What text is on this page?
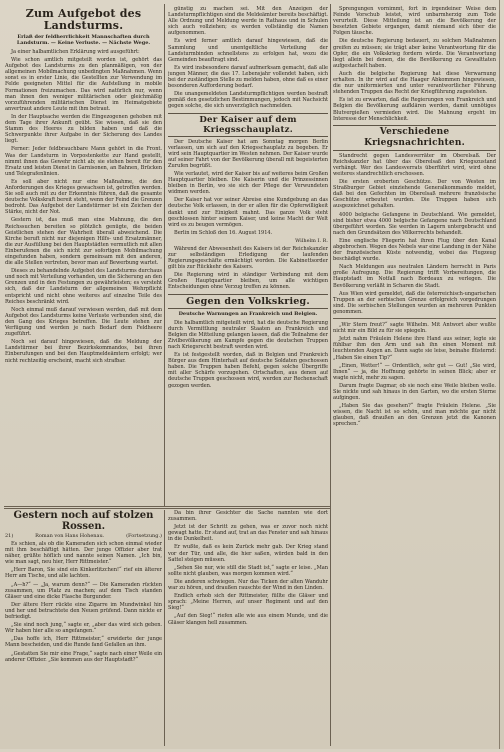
Zum Aufgebot des Landsturms.
Erlaß der feldherrlichkeit Mannschaften durch Landsturm. — Keine Verluste. — Nächste Wege.

Ja einer halbamtlichen Erklärung wird ausgeführt:

Wie schon amtlich mitgeteilt worden ist, gehört das Aufgebot des Landsturms zu den planmäßigen, von der allgemeinen Mobilmachung unbedingten Maßnahmen. Wenn sonst es in erster Linie, die Gestellten zur Verwendung im Felde geeigneten Mittel für die Aufstellung in mobile Formationen freizumachen. Das wird natürlich nur, wenn man ihnen den weniger militärischen oder gleichmäßig vorzuführenden militärischen Dienst im Heimatgebiete anvertraut andere Leute mit ihm betraut.

In der Hauptsache werden die Eingezogenen gehoben mit dem Tage ihrer Ankunft geübt. Sie wissen, daß sie den Stamm des Heeres zu bilden haben und daß die Schwerpunkte ihrer Aufgabe in der Sicherung des Landes liegt.

Ferner: Jeder feldbrauchbare Mann gehört in die Front. Was der Landsturm in Vorpostenkette zur Hand gestellt, nimmt ihnen das Gewehr nicht ab; sie stehen bereit für den Ersatz und leisten Dienst in Garnisonen, an Bahnen, Brücken und Telegrafenlinien.

Es soll aber nicht nur eine Maßnahme, die den Anforderungen des Krieges gewachsen ist, getroffen werden. Sie soll auch mit zu der Erkenntnis führen, daß die gesamte deutsche Volkskraft bereit steht, wenn der Feind die Grenzen bedroht. Das Aufgebot der Landstürmer ist ein Zeichen der Stärke, nicht der Not.

Gestern ist, das muß man eine Mahnung, die den Reichssuchen bereiten so plötzlich genügte, die beiden Geistlichen stehen der Wahrheit überall abweichend. Die Kirche beruft nicht nur diejenigen Hilfs- und Ersatzmänner, die zur Ausfüllung bei den Hauptstädten vermutlich mit allen Einberufenen die sich nicht zur sofortigen Mobilmachung eingefunden haben, sondern gemeinsam mit den anderen, die alle Stellen vertreten, bevor man auf Bewerbung wartet.

Dieses zu behandelnde Aufgebot des Landsturms durchaus und noch mit Verteilung vorhanden, um die Sicherung an den Grenzen und in den Festungen zu gewährleisten; es versteht sich, daß der Landsturm der allgemeinen Wehrpflicht entspricht und nicht ohne weiteres auf einzelne Teile des Reiches beschränkt wird.

Noch einmal muß darauf verwiesen werden, daß mit dem Aufgebot des Landsturms keine Verluste verbunden sind, die den Gang des Krieges betreffen. Die Leute stehen zur Verfügung und werden je nach Bedarf dem Feldheere zugeführt.

Noch sei darauf hingewiesen, daß die Meldung der Landstürmer bei ihrer Bezirkskommandos, bei ihren Einberufungen und bei den Hauptmeldeämtern erfolgt; wer nicht rechtzeitig erscheint, macht sich strafbar.

günstig zu machen sei. Mit den Anzeigen der Landsturmpflichtigen sind die Meldeämter bereits beschäftigt. Alle Ordnung und Meldung werde in Rathaus und in Schulen sich auch vollziehen; es werden vollständig die Namen aufgenommen.

Es wird ferner amtlich darauf hingewiesen, daß die Sammlung und unentgeltliche Verteilung der Landsturmbinden schnellstens zu erfolgen hat, wozu die Gemeinden beauftragt sind.

Es wird insbesondere darauf aufmerksam gemacht, daß alle jungen Männer, die das 17. Lebensjahr vollendet haben, sich bei der zuständigen Stelle zu melden haben, ohne daß es einer besonderen Aufforderung bedarf.

Die unangemeldeten Landsturmpflichtigen werden bestraft gemäß den gesetzlichen Bestimmungen, jedoch mit Nachsicht gegen solche, die sich unverzüglich nachmelden.

Der Kaiser auf dem Kriegsschauplatz.

Der Deutsche Kaiser hat am Sonntag morgen Berlin verlassen, um sich auf den Kriegsschauplatz zu begeben. Er wird sein Hauptquartier im Westen nehmen. Der Kaiser wurde auf seiner Fahrt von der Bevölkerung überall mit begeisterten Zurufen begrüßt.

Wie verlautet, wird der Kaiser bis auf weiteres beim Großen Hauptquartier bleiben. Die Kaiserin und die Prinzessinnen bleiben in Berlin, wo sie sich der Pflege der Verwundeten widmen werden.

Der Kaiser hat vor seiner Abreise eine Kundgebung an das deutsche Volk erlassen, in der er allen für die Opferwilligkeit dankt und zur Einigkeit mahnt. Das ganze Volk steht geschlossen hinter seinem Kaiser, und keine Macht der Welt wird es zu beugen vermögen.

Berlin im Schloß den 16. August 1914.

Wilhelm I. R.

Während der Abwesenheit des Kaisers ist der Reichskanzler zur selbständigen Erledigung der laufenden Regierungsgeschäfte ermächtigt worden. Die Kabinettsorder gilt bis zur Rückkehr des Kaisers.

Die Regierung wird in ständiger Verbindung mit dem Großen Hauptquartier bleiben, um alle wichtigen Entscheidungen ohne Verzug treffen zu können.

Gegen den Volkskrieg.
Deutsche Warnungen an Frankreich und Belgien.

Die halbamtlich mitgeteilt wird, hat die deutsche Regierung durch Vermittlung neutraler Staaten an Frankreich und Belgien die Mitteilung gelangen lassen, daß die Teilnahme der Zivilbevölkerung am Kampfe gegen die deutschen Truppen nach Kriegsrecht bestraft werden wird.

Es ist festgestellt worden, daß in Belgien und Frankreich Bürger aus dem Hinterhalt auf deutsche Soldaten geschossen haben. Die Truppen haben Befehl, gegen solche Übergriffe mit aller Schärfe vorzugehen. Ortschaften, aus denen auf deutsche Truppen geschossen wird, werden zur Rechenschaft gezogen werden.

Sprengungen vornimmt, fort in irgendeiner Weise dem Feinde Vorschub leistet, wird unbarmherzig zum Tode verurteilt. Diese Mitteilung ist an die Bevölkerung der besetzten Gebiete ergangen, damit niemand sich über die Folgen täusche.

Die deutsche Regierung bedauert, zu solchen Maßnahmen greifen zu müssen; sie trägt aber keine Verantwortung für die Opfer, die ein Volkskrieg fordern würde. Die Verantwortung liegt allein bei denen, die die Bevölkerung zu Gewalttaten aufgestachelt haben.

Auch die belgische Regierung hat diese Verwarnung erhalten. In ihr wird auf die Haager Abkommen hingewiesen, die nur uniformierten und unter verantwortlicher Führung stehenden Truppen das Recht der Kriegführung zugestehen.

Es ist zu erwarten, daß die Regierungen von Frankreich und Belgien die Bevölkerung aufklären werden, damit unnötiges Blutvergießen vermieden wird. Die Mahnung ergeht im Interesse der Menschlichkeit.

Verschiedene Kriegsnachrichten.

Standrecht gegen Landesverräter im Oberelsaß. Der Reichskanzler hat über das Oberelsaß den Kriegszustand verhängt. Wer des Landesverrats überführt wird, wird ohne weiteres standrechtlich erschossen.

Die ersten eroberten Geschütze. Der von Westen im Straßburger Gebiet einziehende Generalkommando meldet, daß bei den Gefechten im Oberelsaß mehrere französische Geschütze erbeutet wurden. Die Truppen haben sich ausgezeichnet gehalten.

4000 belgische Gefangene in Deutschland. Wie gemeldet, sind bisher etwa 4000 belgische Gefangene nach Deutschland übergeführt worden. Sie werden in Lagern untergebracht und nach den Grundsätzen des Völkerrechts behandelt.

Eine englische Fliegerin hat ihren Flug über den Kanal abgebrochen. Wegen des Nebels war eine Landung in der Nähe der französischen Küste notwendig, wobei das Flugzeug beschädigt wurde.

Nach Meldungen aus neutralen Ländern herrscht in Paris große Aufregung. Die Regierung trifft Vorbereitungen, die Hauptstadt im Notfall nach Bordeaux zu verlegen. Die Bevölkerung verläßt in Scharen die Stadt.

Aus Wien wird gemeldet, daß die österreichisch-ungarischen Truppen an der serbischen Grenze erfolgreich vorgedrungen sind. Die serbischen Stellungen wurden an mehreren Punkten genommen.

„Wir Stern freut?“ sagte Wilhelm. Mit Antwort aber wußte nicht mir ein Bild zu für sie spiegeln.

Jetzt nahm Fräulein Helene ihre Hand aus seiner, legte sie fühlbar ihm den Arm und sah ihn einen Moment mit leuchtenden Augen an. Dann sagte sie leise, beinahe flüsternd: „Haben Sie einen Tip?“

„Einen, Wetter!“ — Ordentlich, sehr gut — Gut! „Sie wird, Ihnen“ — ja, die Hoffnung gehörte in seinen Blick; aber er wagte nicht, mehr zu sagen.

Darum fragte Dagmar, ob sie noch eine Weile bleiben wolle. Sie nickte und sah hinaus in den Garten, wo die ersten Sterne aufgingen.

„Haben Sie das gesehen?“ fragte Fräulein Helene. „Sie wissen, die Nacht ist so schön, und man möchte gar nicht glauben, daß draußen an den Grenzen jetzt die Kanonen sprechen.“

Gestern noch auf stolzen Rossen.
21)	Roman von Hans Hohenau.	(Fortsetzung.)

Es schien, als ob die Kameraden sich schon einmal wieder mit ihm beschäftigt hätten. Der junge Offizier aber trat näher, grüßte höflich und nannte seinen Namen. „Ich bin, wie man sagt, neu hier, Herr Rittmeister.“

„Herr Baron, Sie sind ein Kinkerlitzchen!“ rief ein älterer Herr am Tische, und alle lachten.

„A—h?“ — „Ja, warum denn?“ — Die Kameraden rückten zusammen, um Platz zu machen; auf dem Tisch standen Gläser und eine dicke Flasche Burgunder.

Der ältere Herr rückte eine Zigarre im Mundwinkel hin und her und betrachtete den Neuen prüfend. Dann nickte er befriedigt.

„Sie sind noch jung,“ sagte er, „aber das wird sich geben. Wir haben hier alle so angefangen.“

„Das hoffe ich, Herr Rittmeister,“ erwiderte der junge Mann bescheiden, und die Runde fand Gefallen an ihm.

„Gestatten Sie mir eine Frage,“ sagte nach einer Weile ein anderer Offizier. „Sie kommen aus der Hauptstadt?“

Da bin ihrer Gesichter die Sache nannten wie dort zusammen.

Jetzt ist der Schritt zu gehen, was er zuvor noch nicht gewagt hatte. Er stand auf, trat an das Fenster und sah hinaus in die Dunkelheit.

Er wußte, daß es kein Zurück mehr gab. Der Krieg stand vor der Tür, und alle, die hier saßen, würden bald in den Sattel steigen müssen.

„Sehen Sie nur, wie still die Stadt ist,“ sagte er leise. „Man sollte nicht glauben, was morgen kommen wird.“

Die anderen schwiegen. Nur das Ticken der alten Wanduhr war zu hören, und draußen rauschte der Wind in den Linden.

Endlich erhob sich der Rittmeister, füllte die Gläser und sprach: „Meine Herren, auf unser Regiment und auf den Sieg!“

„Auf den Sieg!“ riefen alle wie aus einem Munde, und die Gläser klangen hell zusammen.
